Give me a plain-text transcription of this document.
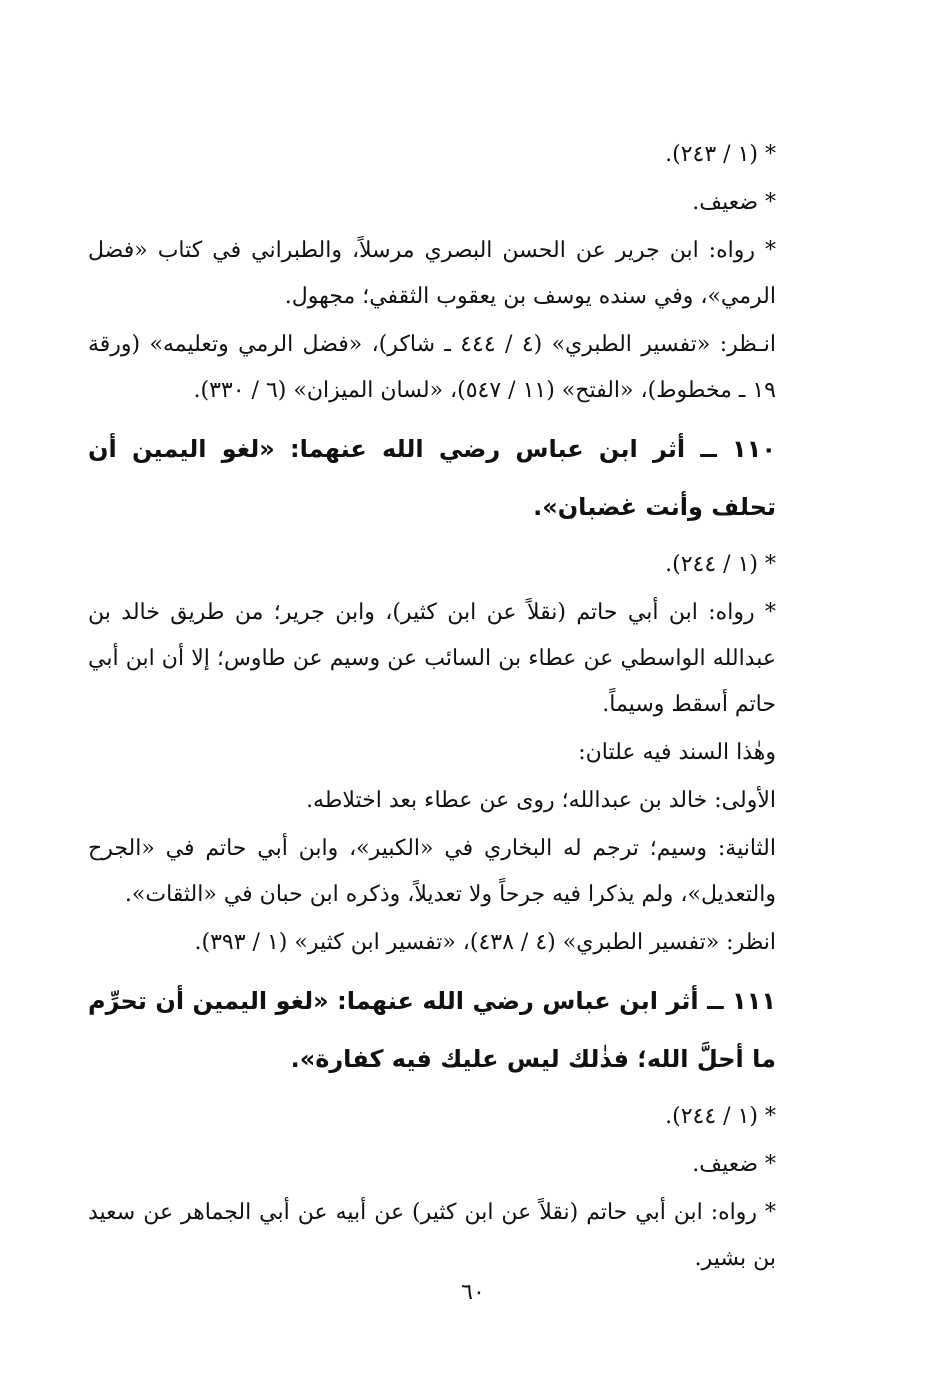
* (١ / ٢٤٣).
* ضعيف.
* رواه: ابن جرير عن الحسن البصري مرسلاً، والطبراني في كتاب «فضل الرمي»، وفي سنده يوسف بن يعقوب الثقفي؛ مجهول.
انـظر: «تفسير الطبري» (٤ / ٤٤٤ ـ شاكر)، «فضل الرمي وتعليمه» (ورقة ١٩ ـ مخطوط)، «الفتح» (١١ / ٥٤٧)، «لسان الميزان» (٦ / ٣٣٠).
١١٠ ــ أثر ابن عباس رضي الله عنهما: «لغو اليمين أن تحلف وأنت غضبان».
* (١ / ٢٤٤).
* رواه: ابن أبي حاتم (نقلاً عن ابن كثير)، وابن جرير؛ من طريق خالد بن عبدالله الواسطي عن عطاء بن السائب عن وسيم عن طاوس؛ إلا أن ابن أبي حاتم أسقط وسيماً.
وهٰذا السند فيه علتان:
الأولى: خالد بن عبدالله؛ روى عن عطاء بعد اختلاطه.
الثانية: وسيم؛ ترجم له البخاري في «الكبير»، وابن أبي حاتم في «الجرح والتعديل»، ولم يذكرا فيه جرحاً ولا تعديلاً، وذكره ابن حبان في «الثقات».
انظر: «تفسير الطبري» (٤ / ٤٣٨)، «تفسير ابن كثير» (١ / ٣٩٣).
١١١ ــ أثر ابن عباس رضي الله عنهما: «لغو اليمين أن تحرِّم ما أحلَّ الله؛ فذٰلك ليس عليك فيه كفارة».
* (١ / ٢٤٤).
* ضعيف.
* رواه: ابن أبي حاتم (نقلاً عن ابن كثير) عن أبيه عن أبي الجماهر عن سعيد بن بشير.
٦٠
